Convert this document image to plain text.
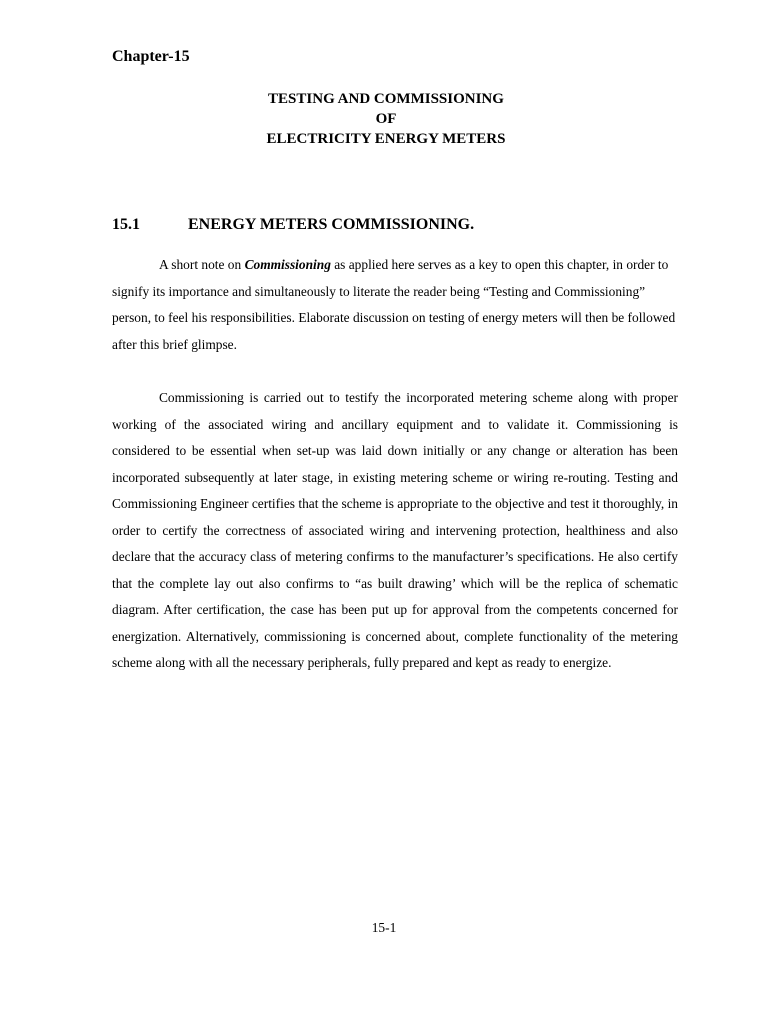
Chapter-15
TESTING AND COMMISSIONING
OF
ELECTRICITY ENERGY METERS
15.1	ENERGY METERS COMMISSIONING.

A short note on Commissioning as applied here serves as a key to open this chapter, in order to signify its importance and simultaneously to literate the reader being “Testing and Commissioning” person, to feel his responsibilities. Elaborate discussion on testing of energy meters will then be followed after this brief glimpse.

Commissioning is carried out to testify the incorporated metering scheme along with proper working of the associated wiring and ancillary equipment and to validate it. Commissioning is considered to be essential when set-up was laid down initially or any change or alteration has been incorporated subsequently at later stage, in existing metering scheme or wiring re-routing. Testing and Commissioning Engineer certifies that the scheme is appropriate to the objective and test it thoroughly, in order to certify the correctness of associated wiring and intervening protection, healthiness and also declare that the accuracy class of metering confirms to the manufacturer’s specifications. He also certify that the complete lay out also confirms to “as built drawing’ which will be the replica of schematic diagram. After certification, the case has been put up for approval from the competents concerned for energization. Alternatively, commissioning is concerned about, complete functionality of the metering scheme along with all the necessary peripherals, fully prepared and kept as ready to energize.

15-1
